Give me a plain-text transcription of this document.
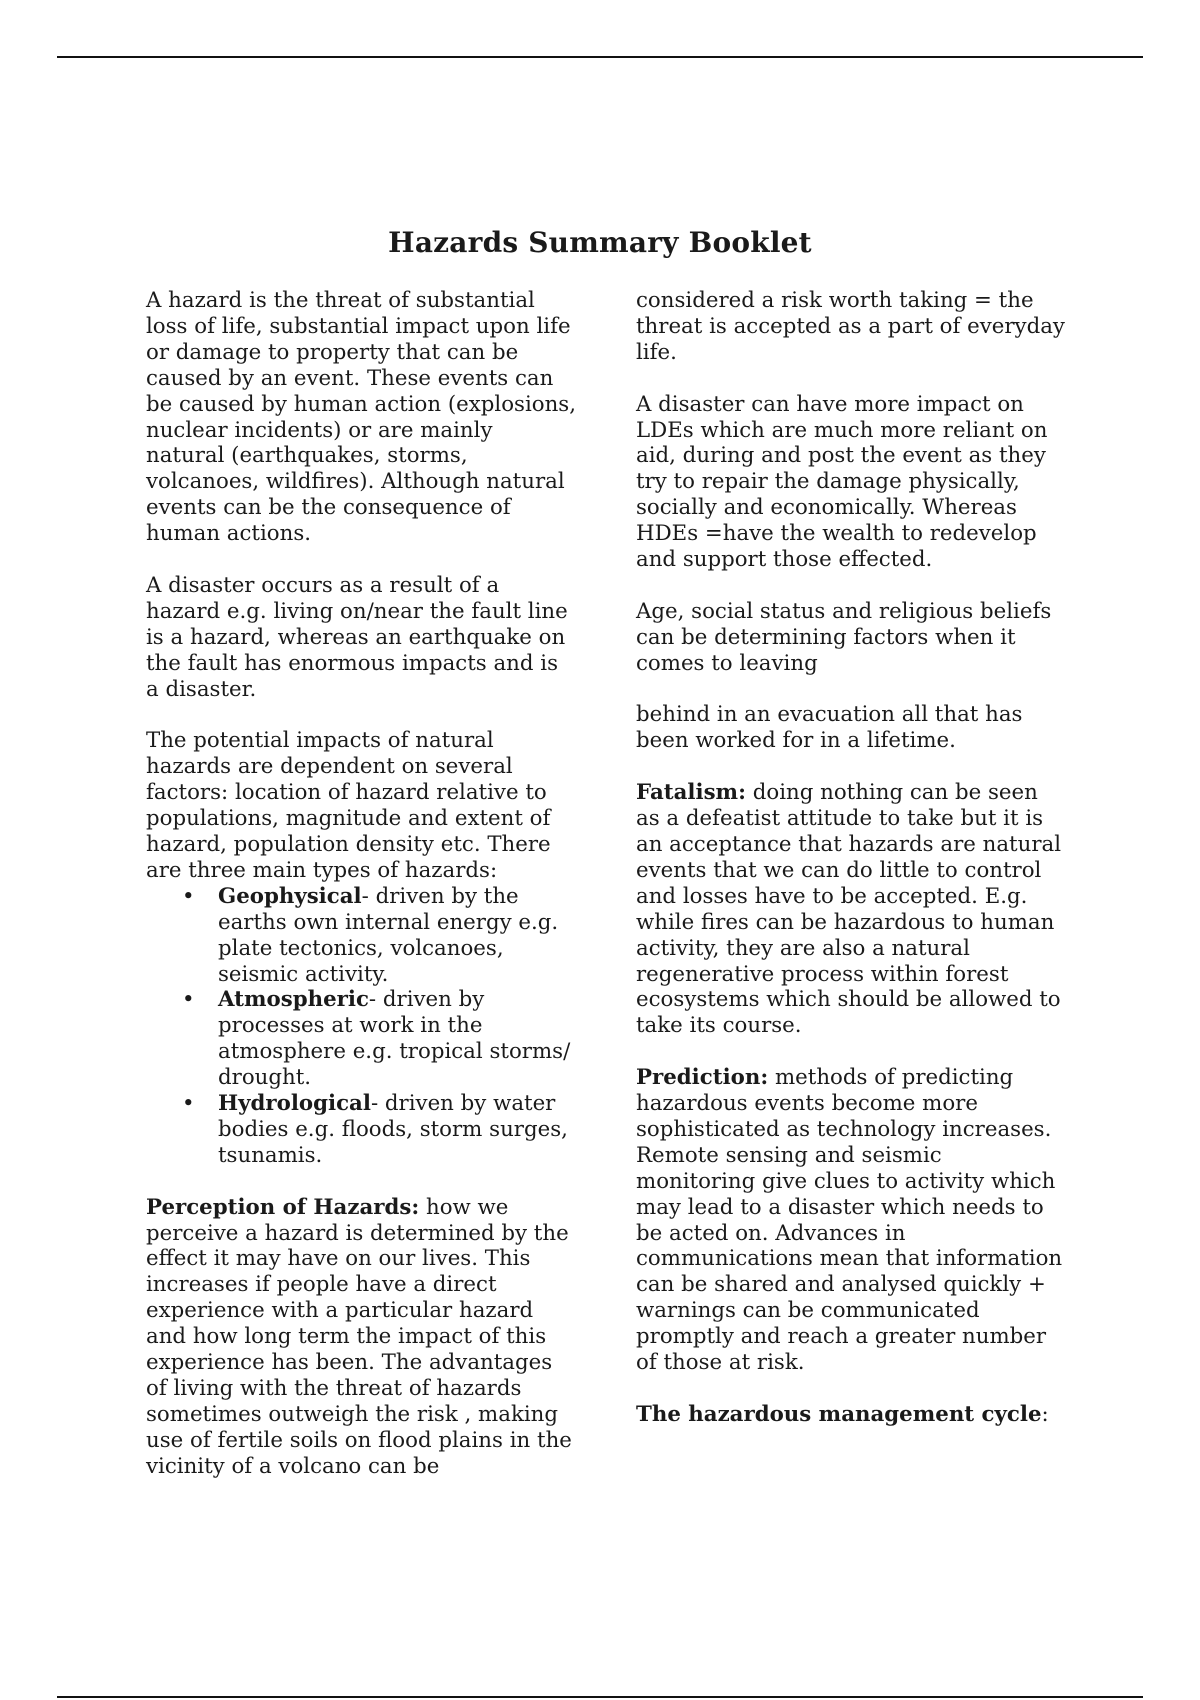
Hazards Summary Booklet

A hazard is the threat of substantial loss of life, substantial impact upon life or damage to property that can be caused by an event. These events can be caused by human action (explosions, nuclear incidents) or are mainly natural (earthquakes, storms, volcanoes, wildfires). Although natural events can be the consequence of human actions.

A disaster occurs as a result of a hazard e.g. living on/near the fault line is a hazard, whereas an earthquake on the fault has enormous impacts and is a disaster.

The potential impacts of natural hazards are dependent on several factors: location of hazard relative to populations, magnitude and extent of hazard, population density etc. There are three main types of hazards:

• Geophysical- driven by the earths own internal energy e.g. plate tectonics, volcanoes, seismic activity.
• Atmospheric- driven by processes at work in the atmosphere e.g. tropical storms/ drought.
• Hydrological- driven by water bodies e.g. floods, storm surges, tsunamis.

Perception of Hazards: how we perceive a hazard is determined by the effect it may have on our lives. This increases if people have a direct experience with a particular hazard and how long term the impact of this experience has been. The advantages of living with the threat of hazards sometimes outweigh the risk , making use of fertile soils on flood plains in the vicinity of a volcano can be

considered a risk worth taking = the threat is accepted as a part of everyday life.

A disaster can have more impact on LDEs which are much more reliant on aid, during and post the event as they try to repair the damage physically, socially and economically. Whereas HDEs =have the wealth to redevelop and support those effected.

Age, social status and religious beliefs can be determining factors when it comes to leaving

behind in an evacuation all that has been worked for in a lifetime.

Fatalism: doing nothing can be seen as a defeatist attitude to take but it is an acceptance that hazards are natural events that we can do little to control and losses have to be accepted. E.g. while fires can be hazardous to human activity, they are also a natural regenerative process within forest ecosystems which should be allowed to take its course.

Prediction: methods of predicting hazardous events become more sophisticated as technology increases. Remote sensing and seismic monitoring give clues to activity which may lead to a disaster which needs to be acted on. Advances in communications mean that information can be shared and analysed quickly + warnings can be communicated promptly and reach a greater number of those at risk.

The hazardous management cycle:
